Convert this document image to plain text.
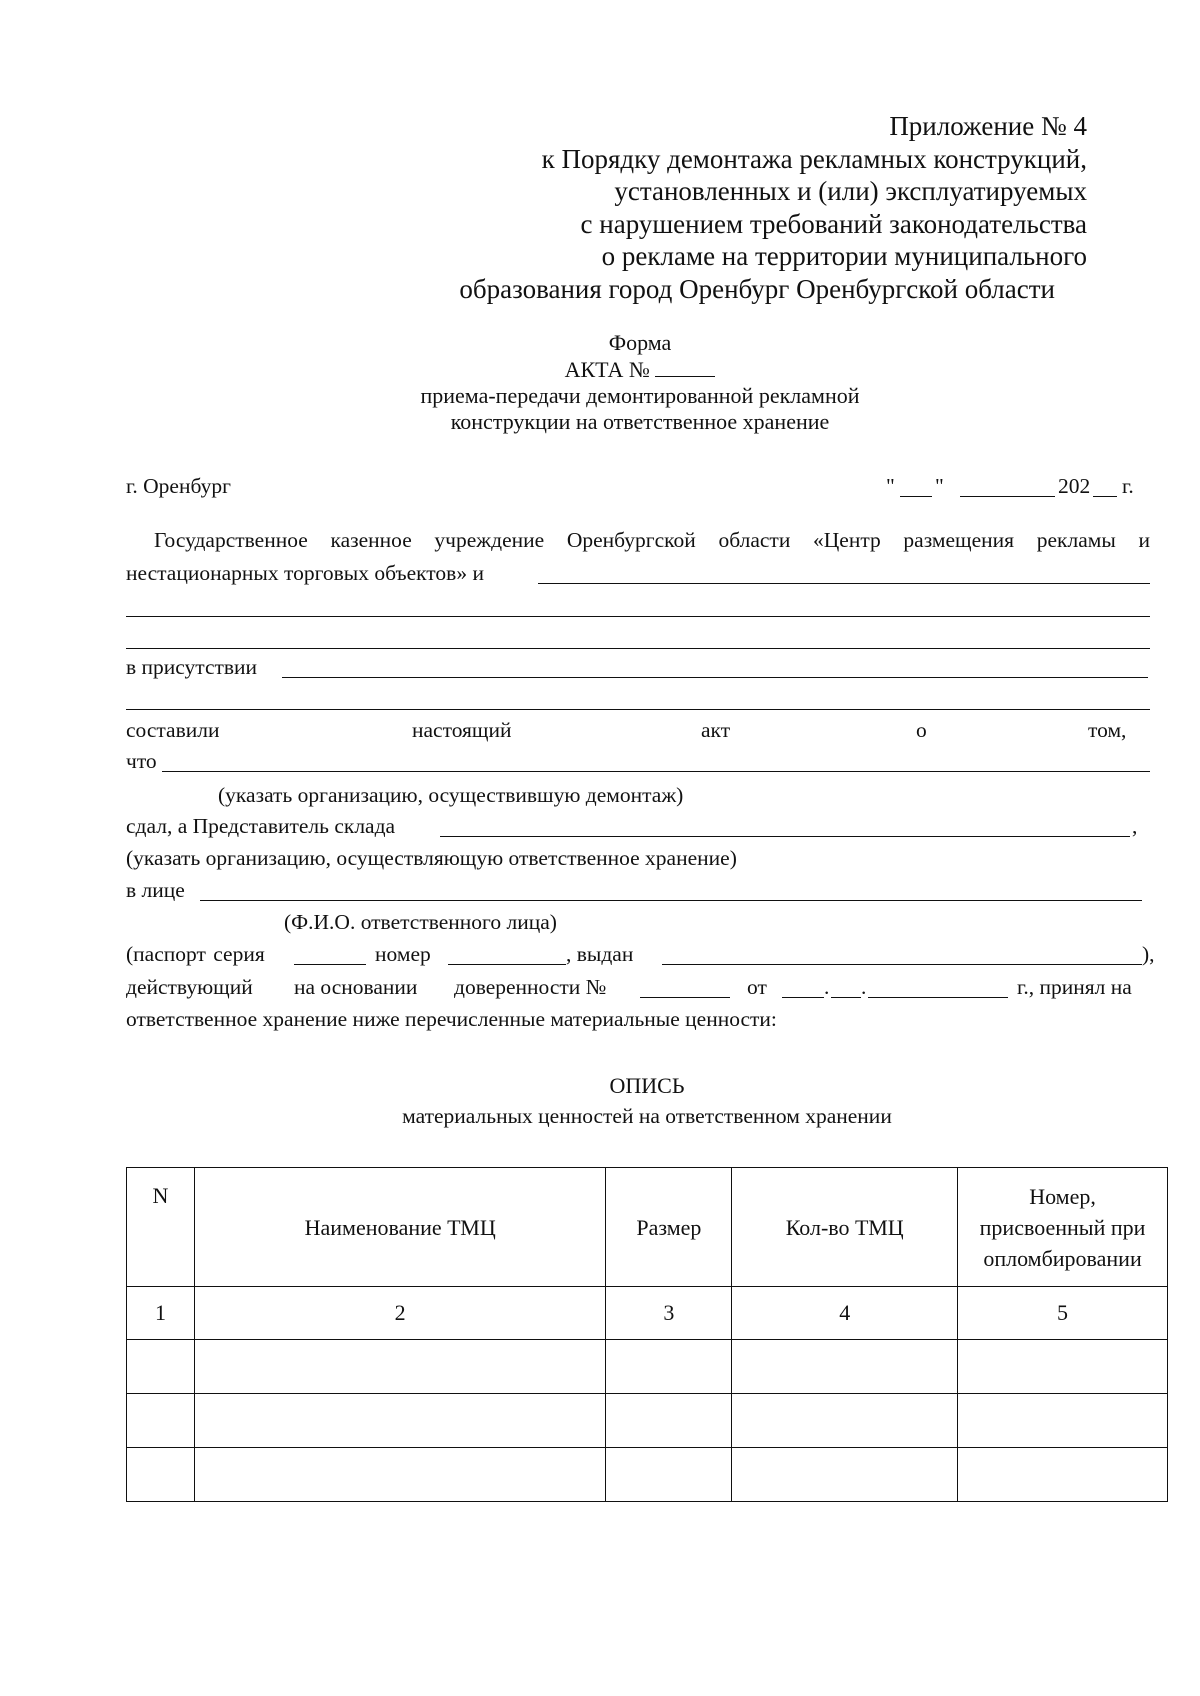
Приложение № 4
к Порядку демонтажа рекламных конструкций,
установленных и (или) эксплуатируемых
с нарушением требований законодательства
о рекламе на территории муниципального
образования город Оренбург Оренбургской области
Форма
АКТА №
приема-передачи демонтированной рекламной
конструкции на ответственное хранение
г. Оренбург	" "	202 г.
Государственное казенное учреждение Оренбургской области «Центр размещения рекламы и
нестационарных торговых объектов» и
в присутствии
составили	настоящий	акт	о	том,
что
(указать организацию, осуществившую демонтаж)
сдал, а Представитель склада	,
(указать организацию, осуществляющую ответственное хранение)
в лице
(Ф.И.О. ответственного лица)
(паспорт серия	номер	, выдан	),
действующий на основании доверенности №	от	. .	г., принял на
ответственное хранение ниже перечисленные материальные ценности:
ОПИСЬ
материальных ценностей на ответственном хранении
N	Наименование ТМЦ	Размер	Кол-во ТМЦ	Номер,
присвоенный при
опломбировании

1	2	3	4	5
